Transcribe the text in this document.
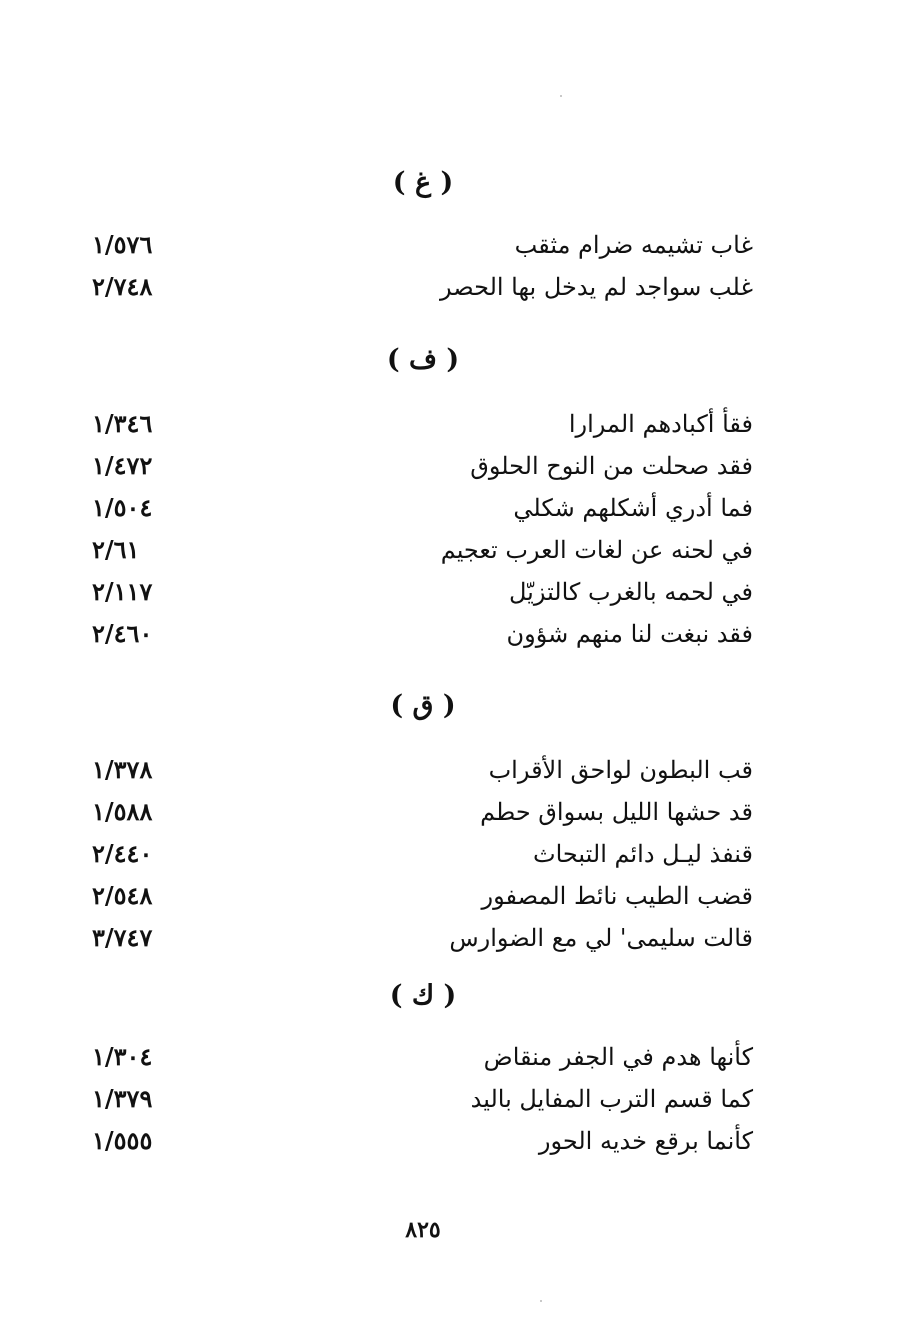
( غ )
غاب تشيمه ضرام مثقب
١/٥٧٦
غلب سواجد لم يدخل بها الحصر
٢/٧٤٨
( ف )
فقأ أكبادهم المرارا
١/٣٤٦
فقد صحلت من النوح الحلوق
١/٤٧٢
فما أدري أشكلهم شكلي
١/٥٠٤
في لحنه عن لغات العرب تعجيم
٢/٦١
في لحمه بالغرب كالتزيّل
٢/١١٧
فقد نبغت لنا منهم شؤون
٢/٤٦٠
( ق )
قب البطون لواحق الأقراب
١/٣٧٨
قد حشها الليل بسواق حطم
١/٥٨٨
قنفذ ليـل دائم التبحاث
٢/٤٤٠
قضب الطيب نائط المصفور
٢/٥٤٨
قالت سليمى' لي مع الضوارس
٣/٧٤٧
( ك )
كأنها هدم في الجفر منقاض
١/٣٠٤
كما قسم الترب المفايل باليد
١/٣٧٩
كأنما برقع خديه الحور
١/٥٥٥
٨٢٥
